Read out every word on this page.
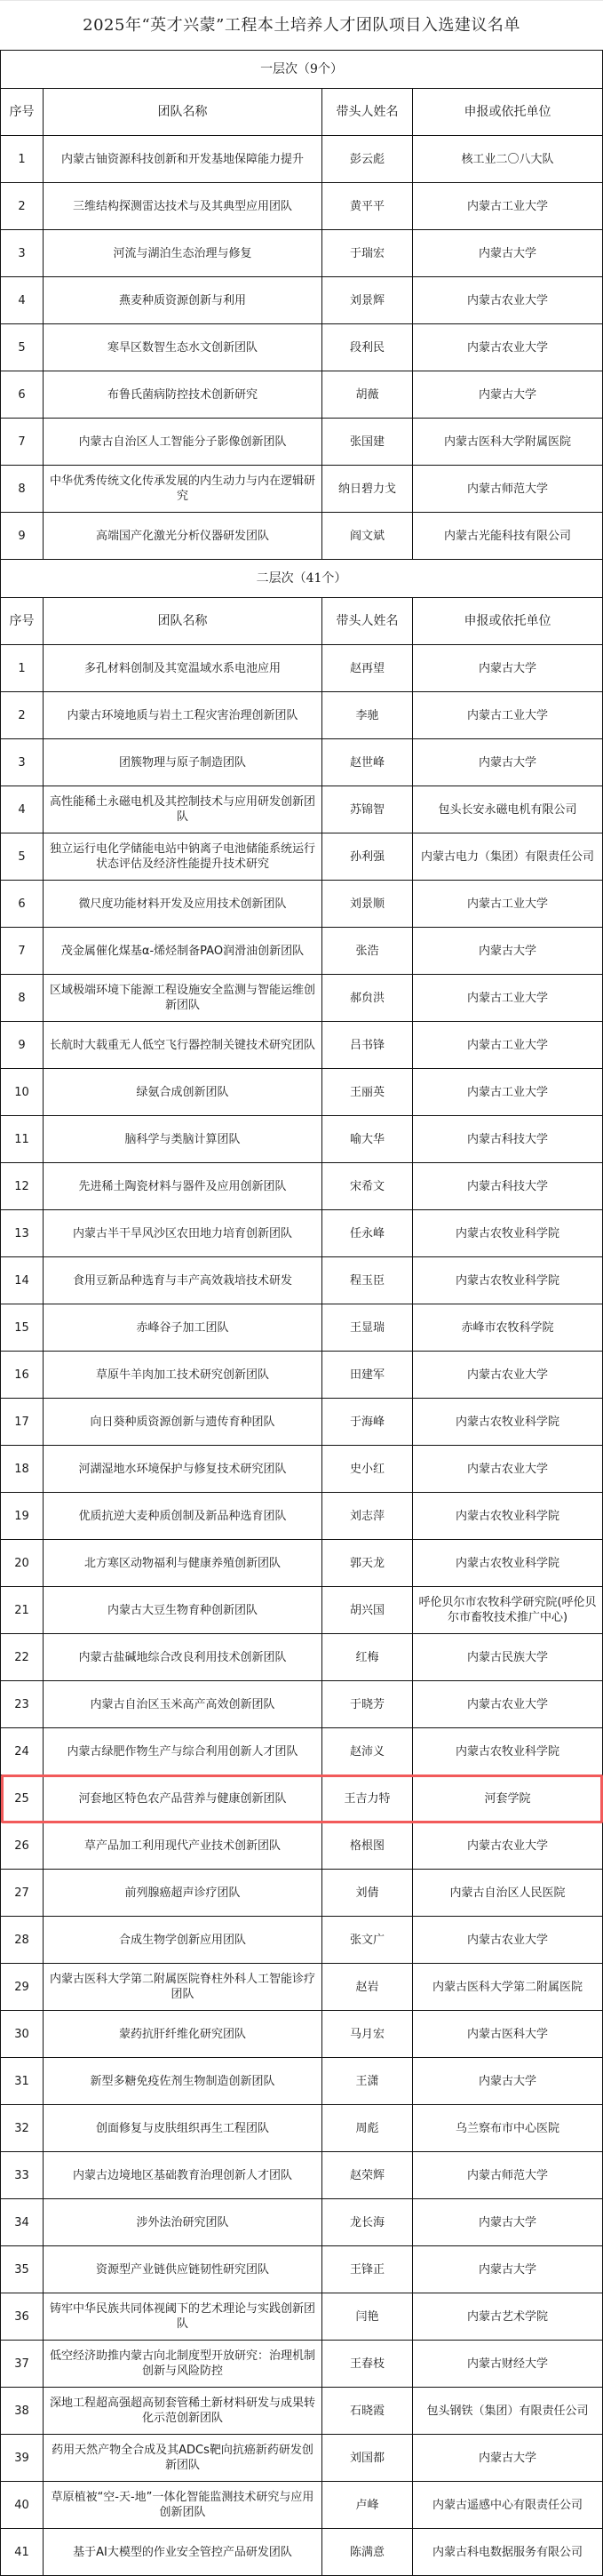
2025年“英才兴蒙”工程本土培养人才团队项目入选建议名单
一层次（9个）			
序号	团队名称	带头人姓名	申报或依托单位
1	内蒙古铀资源科技创新和开发基地保障能力提升	彭云彪	核工业二〇八大队
2	三维结构探测雷达技术与及其典型应用团队	黄平平	内蒙古工业大学
3	河流与湖泊生态治理与修复	于瑞宏	内蒙古大学
4	燕麦种质资源创新与利用	刘景辉	内蒙古农业大学
5	寒旱区数智生态水文创新团队	段利民	内蒙古农业大学
6	布鲁氏菌病防控技术创新研究	胡薇	内蒙古大学
7	内蒙古自治区人工智能分子影像创新团队	张国建	内蒙古医科大学附属医院
8	中华优秀传统文化传承发展的内生动力与内在逻辑研究	纳日碧力戈	内蒙古师范大学
9	高端国产化激光分析仪器研发团队	阎文斌	内蒙古光能科技有限公司
二层次（41个）			
序号	团队名称	带头人姓名	申报或依托单位
1	多孔材料创制及其宽温域水系电池应用	赵再望	内蒙古大学
2	内蒙古环境地质与岩土工程灾害治理创新团队	李驰	内蒙古工业大学
3	团簇物理与原子制造团队	赵世峰	内蒙古大学
4	高性能稀土永磁电机及其控制技术与应用研发创新团队	苏锦智	包头长安永磁电机有限公司
5	独立运行电化学储能电站中钠离子电池储能系统运行状态评估及经济性能提升技术研究	孙利强	内蒙古电力（集团）有限责任公司
6	微尺度功能材料开发及应用技术创新团队	刘景顺	内蒙古工业大学
7	茂金属催化煤基α-烯烃制备PAO润滑油创新团队	张浩	内蒙古大学
8	区域极端环境下能源工程设施安全监测与智能运维创新团队	郝贠洪	内蒙古工业大学
9	长航时大载重无人低空飞行器控制关键技术研究团队	吕书锋	内蒙古工业大学
10	绿氨合成创新团队	王丽英	内蒙古工业大学
11	脑科学与类脑计算团队	喻大华	内蒙古科技大学
12	先进稀土陶瓷材料与器件及应用创新团队	宋希文	内蒙古科技大学
13	内蒙古半干旱风沙区农田地力培育创新团队	任永峰	内蒙古农牧业科学院
14	食用豆新品种选育与丰产高效栽培技术研发	程玉臣	内蒙古农牧业科学院
15	赤峰谷子加工团队	王显瑞	赤峰市农牧科学院
16	草原牛羊肉加工技术研究创新团队	田建军	内蒙古农业大学
17	向日葵种质资源创新与遗传育种团队	于海峰	内蒙古农牧业科学院
18	河湖湿地水环境保护与修复技术研究团队	史小红	内蒙古农业大学
19	优质抗逆大麦种质创制及新品种选育团队	刘志萍	内蒙古农牧业科学院
20	北方寒区动物福利与健康养殖创新团队	郭天龙	内蒙古农牧业科学院
21	内蒙古大豆生物育种创新团队	胡兴国	呼伦贝尔市农牧科学研究院(呼伦贝尔市畜牧技术推广中心)
22	内蒙古盐碱地综合改良利用技术创新团队	红梅	内蒙古民族大学
23	内蒙古自治区玉米高产高效创新团队	于晓芳	内蒙古农业大学
24	内蒙古绿肥作物生产与综合利用创新人才团队	赵沛义	内蒙古农牧业科学院
25	河套地区特色农产品营养与健康创新团队	王吉力特	河套学院
26	草产品加工利用现代产业技术创新团队	格根图	内蒙古农业大学
27	前列腺癌超声诊疗团队	刘倩	内蒙古自治区人民医院
28	合成生物学创新应用团队	张文广	内蒙古农业大学
29	内蒙古医科大学第二附属医院脊柱外科人工智能诊疗团队	赵岩	内蒙古医科大学第二附属医院
30	蒙药抗肝纤维化研究团队	马月宏	内蒙古医科大学
31	新型多糖免疫佐剂生物制造创新团队	王潇	内蒙古大学
32	创面修复与皮肤组织再生工程团队	周彪	乌兰察布市中心医院
33	内蒙古边境地区基础教育治理创新人才团队	赵荣辉	内蒙古师范大学
34	涉外法治研究团队	龙长海	内蒙古大学
35	资源型产业链供应链韧性研究团队	王锋正	内蒙古大学
36	铸牢中华民族共同体视阈下的艺术理论与实践创新团队	闫艳	内蒙古艺术学院
37	低空经济助推内蒙古向北制度型开放研究：治理机制创新与风险防控	王春枝	内蒙古财经大学
38	深地工程超高强超高韧套管稀土新材料研发与成果转化示范创新团队	石晓霞	包头钢铁（集团）有限责任公司
39	药用天然产物全合成及其ADCs靶向抗癌新药研发创新团队	刘国都	内蒙古大学
40	草原植被“空-天-地”一体化智能监测技术研究与应用创新团队	卢峰	内蒙古遥感中心有限责任公司
41	基于AI大模型的作业安全管控产品研发团队	陈满意	内蒙古科电数据服务有限公司
